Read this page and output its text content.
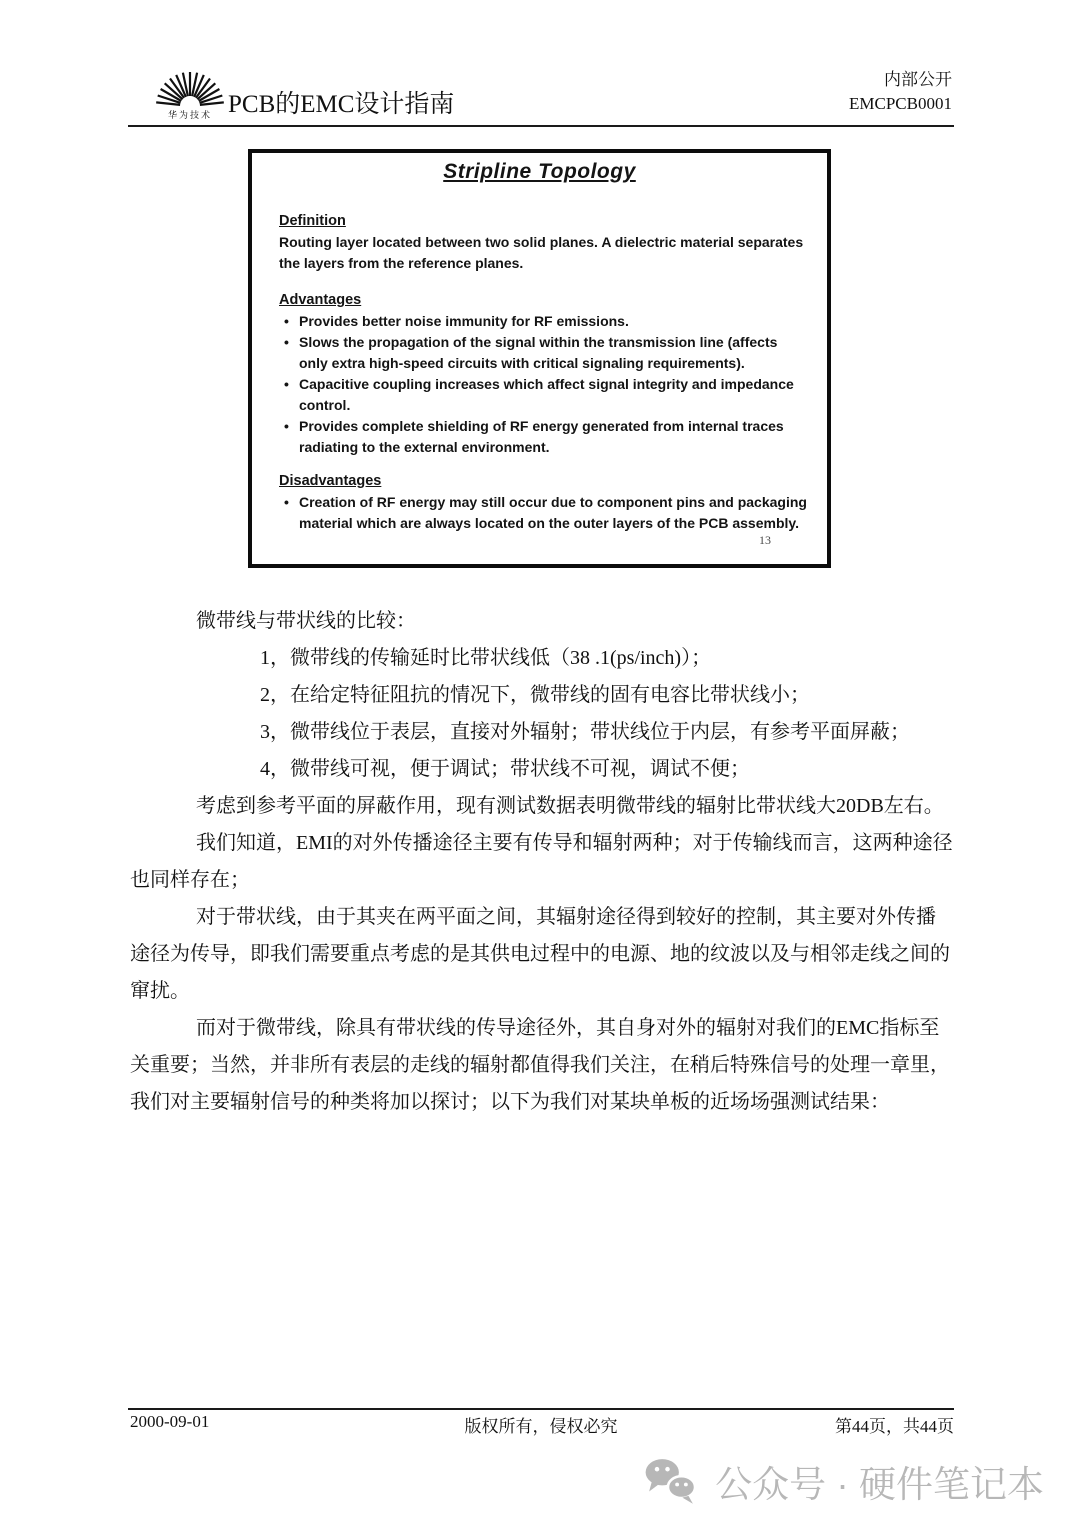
华为技术 PCB的EMC设计指南
内部公开
EMCPCB0001
Stripline Topology
Definition
Routing layer located between two solid planes. A dielectric material separates the layers from the reference planes.
Advantages
• Provides better noise immunity for RF emissions.
• Slows the propagation of the signal within the transmission line (affects only extra high-speed circuits with critical signaling requirements).
• Capacitive coupling increases which affect signal integrity and impedance control.
• Provides complete shielding of RF energy generated from internal traces radiating to the external environment.
Disadvantages
• Creation of RF energy may still occur due to component pins and packaging material which are always located on the outer layers of the PCB assembly.
13
微带线与带状线的比较：
1，微带线的传输延时比带状线低（38 .1(ps/inch)）；
2，在给定特征阻抗的情况下，微带线的固有电容比带状线小；
3，微带线位于表层，直接对外辐射；带状线位于内层，有参考平面屏蔽；
4，微带线可视，便于调试；带状线不可视，调试不便；
考虑到参考平面的屏蔽作用，现有测试数据表明微带线的辐射比带状线大20DB左右。
我们知道，EMI的对外传播途径主要有传导和辐射两种；对于传输线而言，这两种途径也同样存在；
对于带状线，由于其夹在两平面之间，其辐射途径得到较好的控制，其主要对外传播途径为传导，即我们需要重点考虑的是其供电过程中的电源、地的纹波以及与相邻走线之间的窜扰。
而对于微带线，除具有带状线的传导途径外，其自身对外的辐射对我们的EMC指标至关重要；当然，并非所有表层的走线的辐射都值得我们关注，在稍后特殊信号的处理一章里，我们对主要辐射信号的种类将加以探讨；以下为我们对某块单板的近场场强测试结果：
2000-09-01	版权所有，侵权必究	第44页，共44页
公众号 · 硬件笔记本
